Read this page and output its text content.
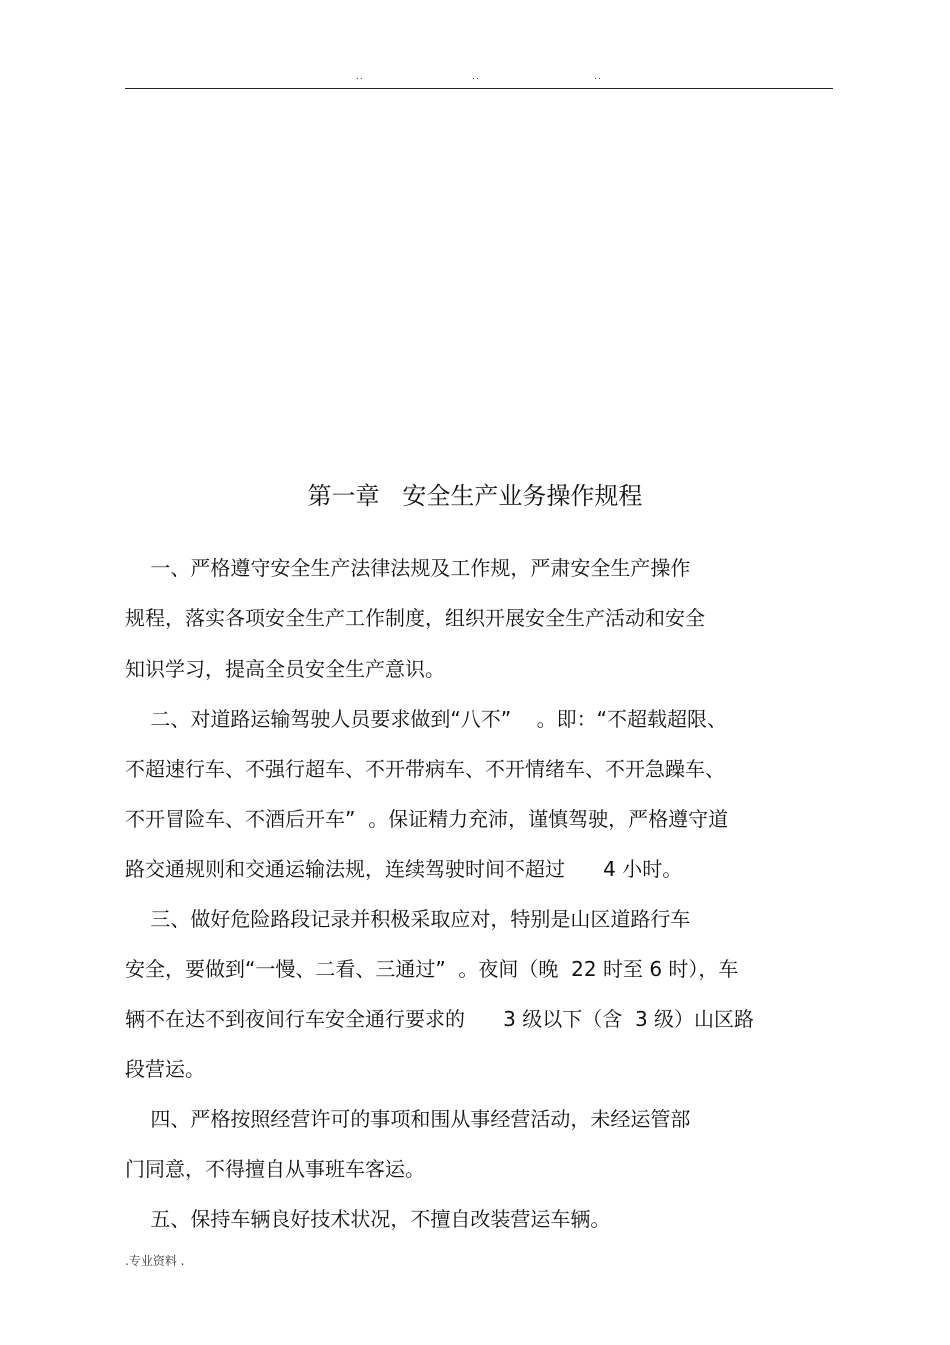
..	..	..
第一章   安全生产业务操作规程
一、严格遵守安全生产法律法规及工作规，严肃安全生产操作
规程，落实各项安全生产工作制度，组织开展安全生产活动和安全
知识学习，提高全员安全生产意识。
二、对道路运输驾驶人员要求做到“八不”    。即：“不超载超限、
不超速行车、不强行超车、不开带病车、不开情绪车、不开急躁车、
不开冒险车、不酒后开车”  。保证精力充沛，谨慎驾驶，严格遵守道
路交通规则和交通运输法规，连续驾驶时间不超过      4 小时。
三、做好危险路段记录并积极采取应对，特别是山区道路行车
安全，要做到“一慢、二看、三通过”  。夜间（晚  22 时至 6 时），车
辆不在达不到夜间行车安全通行要求的      3 级以下（含  3 级）山区路
段营运。
四、严格按照经营许可的事项和围从事经营活动，未经运管部
门同意，不得擅自从事班车客运。
五、保持车辆良好技术状况，不擅自改装营运车辆。
.专业资料 .
